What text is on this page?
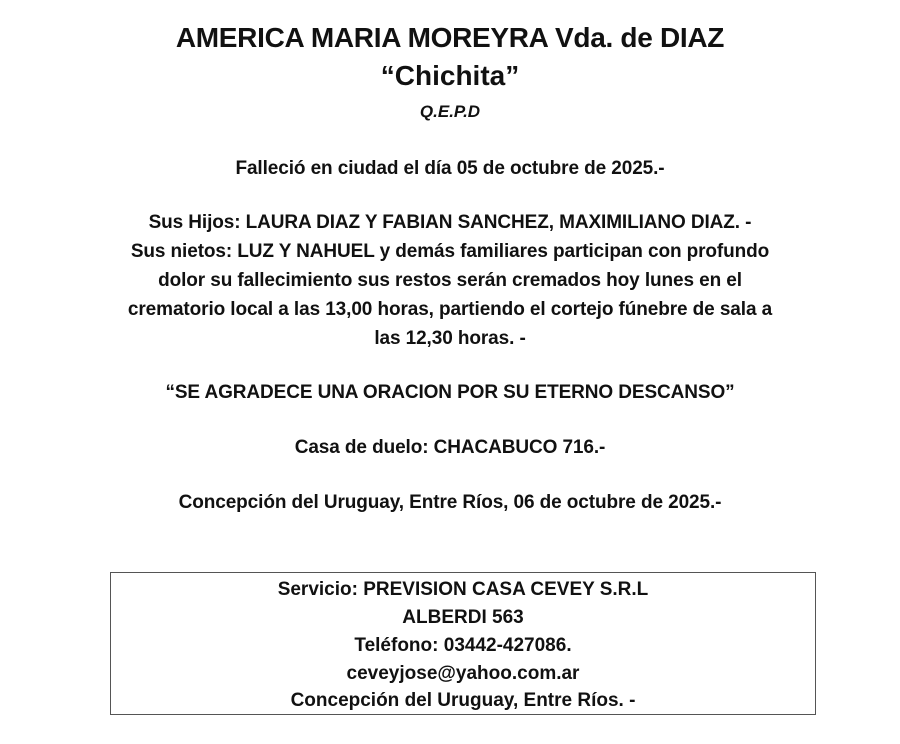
AMERICA MARIA MOREYRA Vda. de DIAZ
“Chichita”
Q.E.P.D
Falleció en ciudad el día 05 de octubre de 2025.-
Sus Hijos: LAURA DIAZ Y FABIAN SANCHEZ, MAXIMILIANO DIAZ. -
Sus nietos: LUZ Y NAHUEL y demás familiares participan con profundo
dolor su fallecimiento sus restos serán cremados hoy lunes en el
crematorio local a las 13,00 horas, partiendo el cortejo fúnebre de sala a
las 12,30 horas. -
“SE AGRADECE UNA ORACION POR SU ETERNO DESCANSO”
Casa de duelo: CHACABUCO 716.-
Concepción del Uruguay, Entre Ríos, 06 de octubre de 2025.-
Servicio: PREVISION CASA CEVEY S.R.L
ALBERDI 563
Teléfono: 03442-427086.
ceveyjose@yahoo.com.ar
Concepción del Uruguay, Entre Ríos. -
